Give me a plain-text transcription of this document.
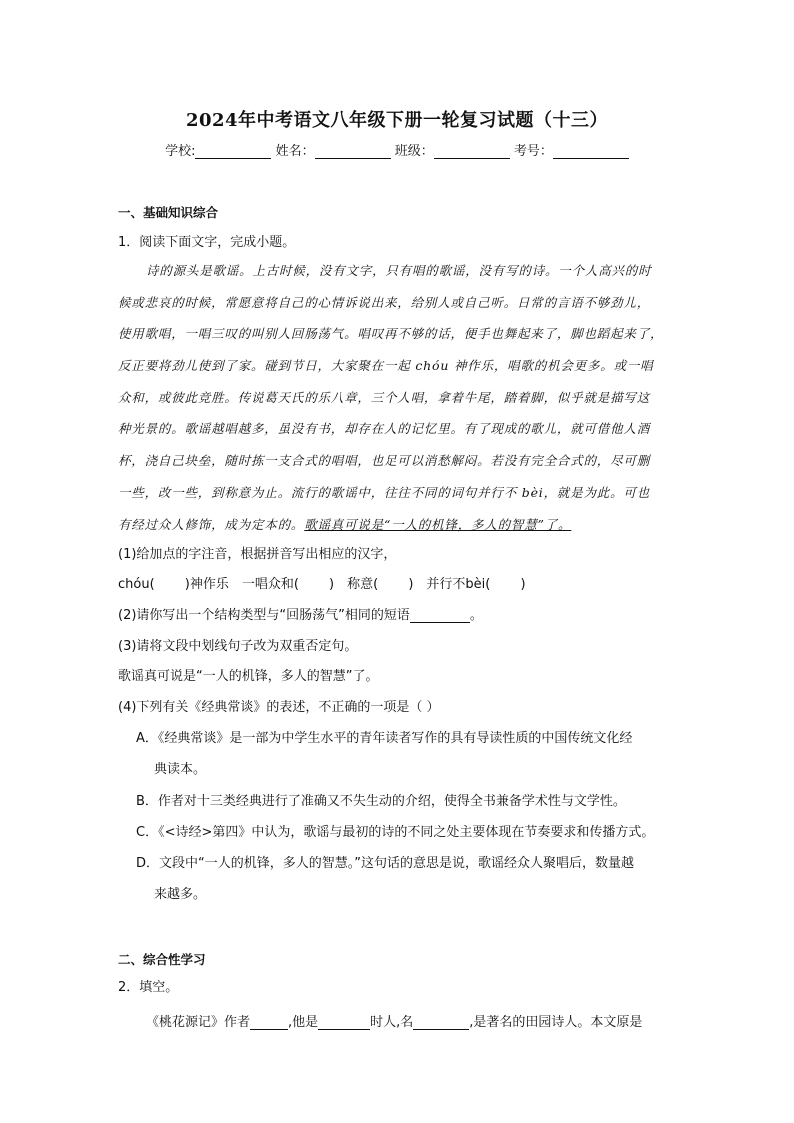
2024年中考语文八年级下册一轮复习试题（十三）
学校:	姓名：	班级：	考号：
一、基础知识综合
1．阅读下面文字，完成小题。

诗的源头是歌谣。上古时候，没有文字，只有唱的歌谣，没有写的诗。一个人高兴的时

候或悲哀的时候，常愿意将自己的心情诉说出来，给别人或自己听。日常的言语不够劲儿，

使用歌唱，一唱三叹的叫别人回肠荡气。唱叹再不够的话，便手也舞起来了，脚也蹈起来了，

反正要将劲儿使到了家。碰到节日，大家聚在一起 chóu 神作乐，唱歌的机会更多。或一唱

众和，或彼此竞胜。传说葛天氏的乐八章，三个人唱，拿着牛尾，踏着脚，似乎就是描写这

种光景的。歌谣越唱越多，虽没有书，却存在人的记忆里。有了现成的歌儿，就可借他人酒

杯，浇自己块垒，随时拣一支合式的唱唱，也足可以消愁解闷。若没有完全合式的，尽可删

一些，改一些，到称意为止。流行的歌谣中，往往不同的词句并行不 bèi，就是为此。可也

有经过众人修饰，成为定本的。歌谣真可说是“一人的机锋，多人的智慧”了。

(1)给加点的字注音，根据拼音写出相应的汉字，
chóu(　　 )神作乐　一唱众和(　　 )　称意(　　 )　并行不bèi(　　 )
(2)请你写出一个结构类型与“回肠荡气”相同的短语	。
(3)请将文段中划线句子改为双重否定句。
歌谣真可说是“一人的机锋，多人的智慧”了。
(4)下列有关《经典常谈》的表述，不正确的一项是（ ）
A．《经典常谈》是一部为中学生水平的青年读者写作的具有导读性质的中国传统文化经
典读本。
B．作者对十三类经典进行了准确又不失生动的介绍，使得全书兼备学术性与文学性。
C．《<诗经>第四》中认为，歌谣与最初的诗的不同之处主要体现在节奏要求和传播方式。
D．文段中“一人的机锋，多人的智慧。”这句话的意思是说，歌谣经众人聚唱后，数量越
来越多。
二、综合性学习
2．填空。
《桃花源记》作者	,他是	时人,名	,是著名的田园诗人。本文原是
